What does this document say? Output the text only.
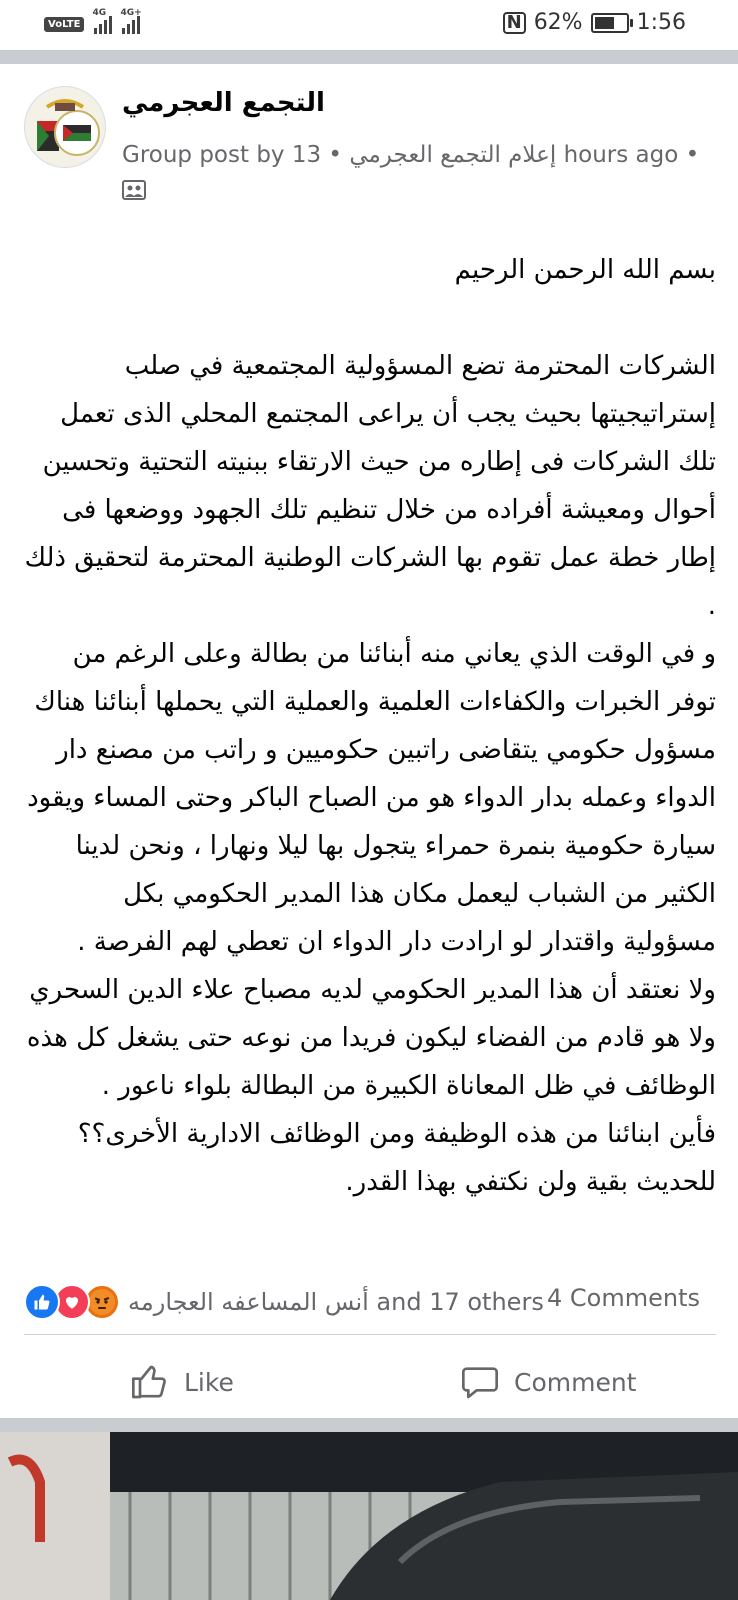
VoLTE
4G 4G+	N 62% 1:56
التجمع العجرمي
Group post by إعلام التجمع العجرمي • 13 hours ago •

بسم الله الرحمن الرحيم

الشركات المحترمة تضع المسؤولية المجتمعية في صلب إستراتيجيتها بحيث يجب أن يراعى المجتمع المحلي الذى تعمل تلك الشركات فى إطاره من حيث الارتقاء ببنيته التحتية وتحسين أحوال ومعيشة أفراده من خلال تنظيم تلك الجهود ووضعها فى إطار خطة عمل تقوم بها الشركات الوطنية المحترمة لتحقيق ذلك .

و في الوقت الذي يعاني منه أبنائنا من بطالة وعلى الرغم من توفر الخبرات والكفاءات العلمية والعملية التي يحملها أبنائنا هناك مسؤول حكومي يتقاضى راتبين حكوميين و راتب من مصنع دار الدواء وعمله بدار الدواء هو من الصباح الباكر وحتى المساء ويقود سيارة حكومية بنمرة حمراء يتجول بها ليلا ونهارا ، ونحن لدينا الكثير من الشباب ليعمل مكان هذا المدير الحكومي بكل مسؤولية واقتدار لو ارادت دار الدواء ان تعطي لهم الفرصة .

ولا نعتقد أن هذا المدير الحكومي لديه مصباح علاء الدين السحري ولا هو قادم من الفضاء ليكون فريدا من نوعه حتى يشغل كل هذه الوظائف في ظل المعاناة الكبيرة من البطالة بلواء ناعور .

فأين ابنائنا من هذه الوظيفة ومن الوظائف الادارية الأخرى؟؟

للحديث بقية ولن نكتفي بهذا القدر.

أنس المساعفه العجارمه and 17 others 4 Comments
Like	Comment
